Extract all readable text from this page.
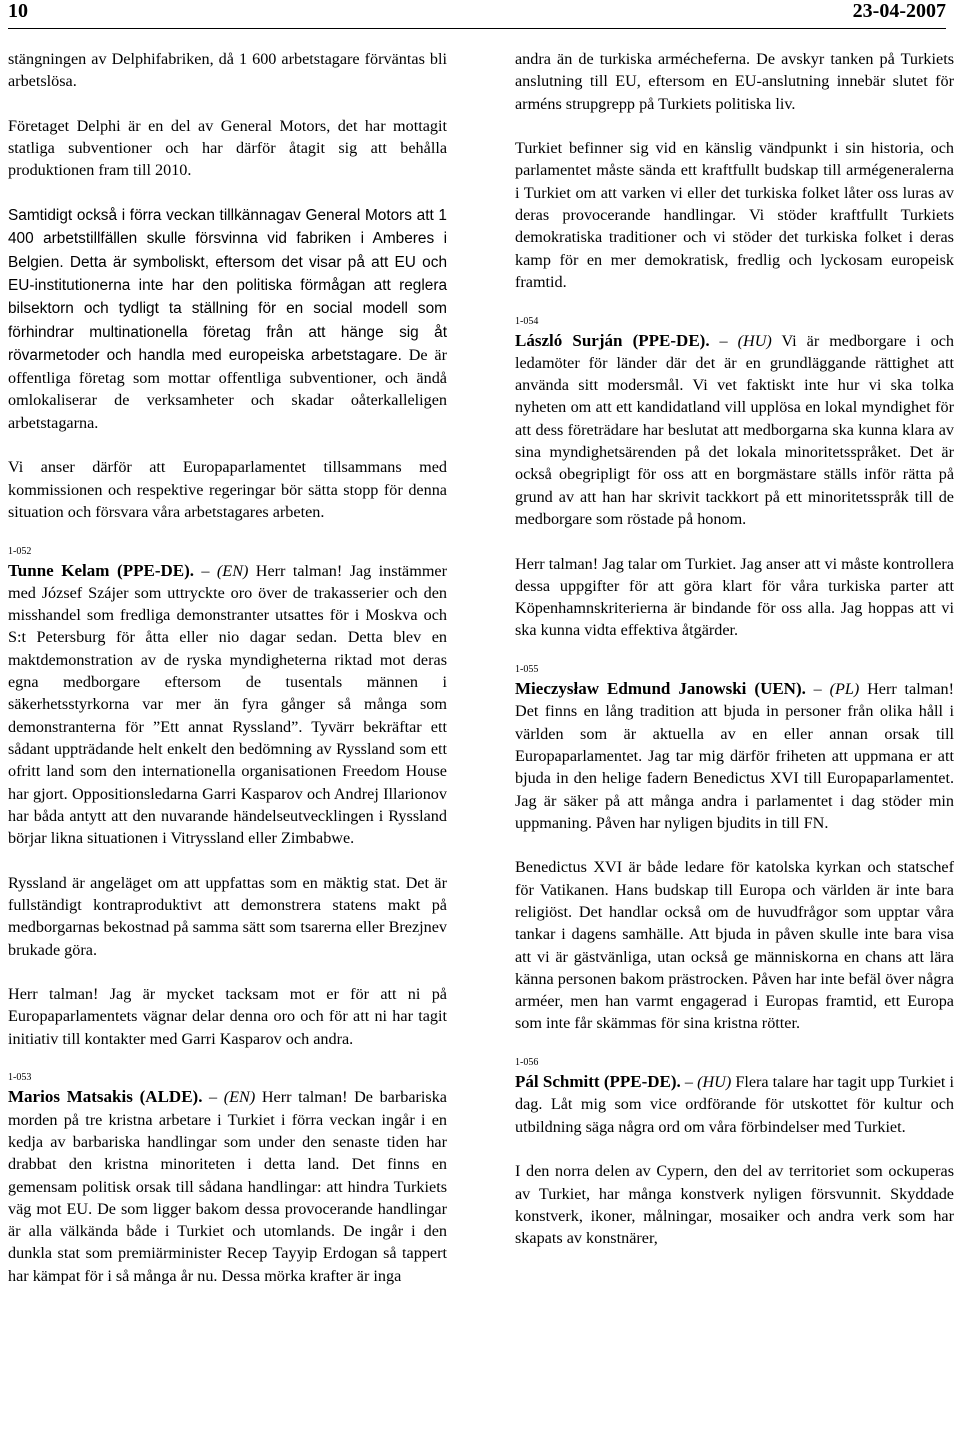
10	23-04-2007

stängningen av Delphifabriken, då 1 600 arbetstagare förväntas bli arbetslösa.

Företaget Delphi är en del av General Motors, det har mottagit statliga subventioner och har därför åtagit sig att behålla produktionen fram till 2010.

Samtidigt också i förra veckan tillkännagav General Motors att 1 400 arbetstillfällen skulle försvinna vid fabriken i Amberes i Belgien. Detta är symboliskt, eftersom det visar på att EU och EU-institutionerna inte har den politiska förmågan att reglera bilsektorn och tydligt ta ställning för en social modell som förhindrar multinationella företag från att hänge sig åt rövarmetoder och handla med europeiska arbetstagare. De är offentliga företag som mottar offentliga subventioner, och ändå omlokaliserar de verksamheter och skadar oåterkalleligen arbetstagarna.

Vi anser därför att Europaparlamentet tillsammans med kommissionen och respektive regeringar bör sätta stopp för denna situation och försvara våra arbetstagares arbeten.

1-052

Tunne Kelam (PPE-DE). – (EN) Herr talman! Jag instämmer med József Szájer som uttryckte oro över de trakasserier och den misshandel som fredliga demonstranter utsattes för i Moskva och S:t Petersburg för åtta eller nio dagar sedan. Detta blev en maktdemonstration av de ryska myndigheterna riktad mot deras egna medborgare eftersom de tusentals männen i säkerhetsstyrkorna var mer än fyra gånger så många som demonstranterna för ”Ett annat Ryssland”. Tyvärr bekräftar ett sådant uppträdande helt enkelt den bedömning av Ryssland som ett ofritt land som den internationella organisationen Freedom House har gjort. Oppositionsledarna Garri Kasparov och Andrej Illarionov har båda antytt att den nuvarande händelseutvecklingen i Ryssland börjar likna situationen i Vitryssland eller Zimbabwe.

Ryssland är angeläget om att uppfattas som en mäktig stat. Det är fullständigt kontraproduktivt att demonstrera statens makt på medborgarnas bekostnad på samma sätt som tsarerna eller Brezjnev brukade göra.

Herr talman! Jag är mycket tacksam mot er för att ni på Europaparlamentets vägnar delar denna oro och för att ni har tagit initiativ till kontakter med Garri Kasparov och andra.

1-053

Marios Matsakis (ALDE). – (EN) Herr talman! De barbariska morden på tre kristna arbetare i Turkiet i förra veckan ingår i en kedja av barbariska handlingar som under den senaste tiden har drabbat den kristna minoriteten i detta land. Det finns en gemensam politisk orsak till sådana handlingar: att hindra Turkiets väg mot EU. De som ligger bakom dessa provocerande handlingar är alla välkända både i Turkiet och utomlands. De ingår i den dunkla stat som premiärminister Recep Tayyip Erdogan så tappert har kämpat för i så många år nu. Dessa mörka krafter är inga

andra än de turkiska armécheferna. De avskyr tanken på Turkiets anslutning till EU, eftersom en EU-anslutning innebär slutet för arméns strupgrepp på Turkiets politiska liv.

Turkiet befinner sig vid en känslig vändpunkt i sin historia, och parlamentet måste sända ett kraftfullt budskap till armégeneralerna i Turkiet om att varken vi eller det turkiska folket låter oss luras av deras provocerande handlingar. Vi stöder kraftfullt Turkiets demokratiska traditioner och vi stöder det turkiska folket i deras kamp för en mer demokratisk, fredlig och lyckosam europeisk framtid.

1-054

László Surján (PPE-DE). – (HU) Vi är medborgare i och ledamöter för länder där det är en grundläggande rättighet att använda sitt modersmål. Vi vet faktiskt inte hur vi ska tolka nyheten om att ett kandidatland vill upplösa en lokal myndighet för att dess företrädare har beslutat att medborgarna ska kunna klara av sina myndighetsärenden på det lokala minoritetsspråket. Det är också obegripligt för oss att en borgmästare ställs inför rätta på grund av att han har skrivit tackkort på ett minoritetsspråk till de medborgare som röstade på honom.

Herr talman! Jag talar om Turkiet. Jag anser att vi måste kontrollera dessa uppgifter för att göra klart för våra turkiska parter att Köpenhamnskriterierna är bindande för oss alla. Jag hoppas att vi ska kunna vidta effektiva åtgärder.

1-055

Mieczysław Edmund Janowski (UEN). – (PL) Herr talman! Det finns en lång tradition att bjuda in personer från olika håll i världen som är aktuella av en eller annan orsak till Europaparlamentet. Jag tar mig därför friheten att uppmana er att bjuda in den helige fadern Benedictus XVI till Europaparlamentet. Jag är säker på att många andra i parlamentet i dag stöder min uppmaning. Påven har nyligen bjudits in till FN.

Benedictus XVI är både ledare för katolska kyrkan och statschef för Vatikanen. Hans budskap till Europa och världen är inte bara religiöst. Det handlar också om de huvudfrågor som upptar våra tankar i dagens samhälle. Att bjuda in påven skulle inte bara visa att vi är gästvänliga, utan också ge människorna en chans att lära känna personen bakom prästrocken. Påven har inte befäl över några arméer, men han varmt engagerad i Europas framtid, ett Europa som inte får skämmas för sina kristna rötter.

1-056

Pál Schmitt (PPE-DE). – (HU) Flera talare har tagit upp Turkiet i dag. Låt mig som vice ordförande för utskottet för kultur och utbildning säga några ord om våra förbindelser med Turkiet.

I den norra delen av Cypern, den del av territoriet som ockuperas av Turkiet, har många konstverk nyligen försvunnit. Skyddade konstverk, ikoner, målningar, mosaiker och andra verk som har skapats av konstnärer,
